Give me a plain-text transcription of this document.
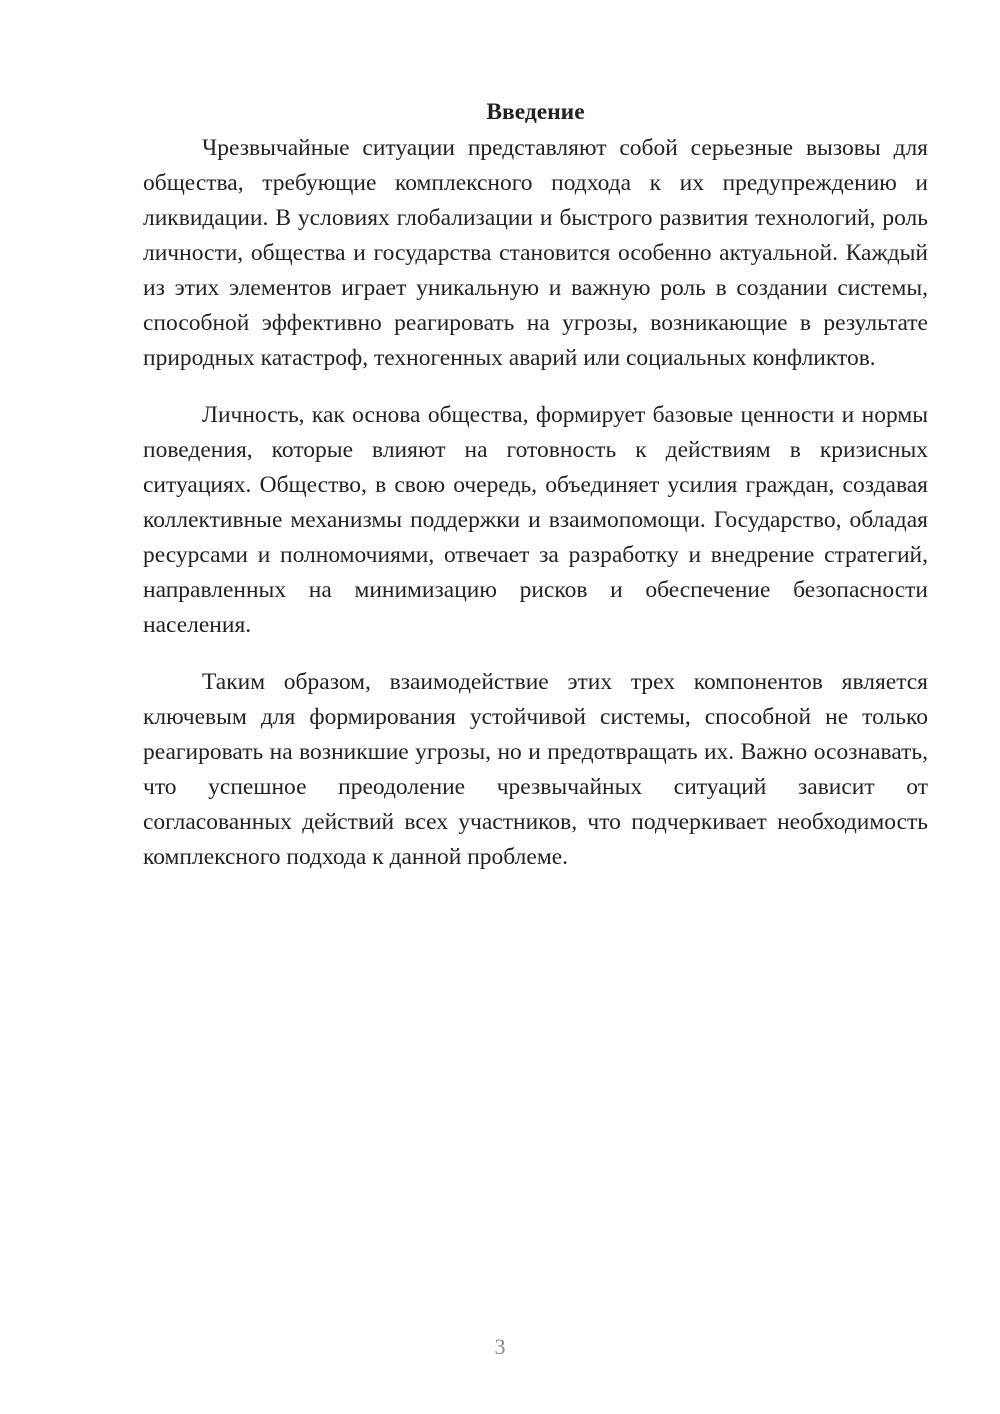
Введение

Чрезвычайные ситуации представляют собой серьезные вызовы для общества, требующие комплексного подхода к их предупреждению и ликвидации. В условиях глобализации и быстрого развития технологий, роль личности, общества и государства становится особенно актуальной. Каждый из этих элементов играет уникальную и важную роль в создании системы, способной эффективно реагировать на угрозы, возникающие в результате природных катастроф, техногенных аварий или социальных конфликтов.

Личность, как основа общества, формирует базовые ценности и нормы поведения, которые влияют на готовность к действиям в кризисных ситуациях. Общество, в свою очередь, объединяет усилия граждан, создавая коллективные механизмы поддержки и взаимопомощи. Государство, обладая ресурсами и полномочиями, отвечает за разработку и внедрение стратегий, направленных на минимизацию рисков и обеспечение безопасности населения.

Таким образом, взаимодействие этих трех компонентов является ключевым для формирования устойчивой системы, способной не только реагировать на возникшие угрозы, но и предотвращать их. Важно осознавать, что успешное преодоление чрезвычайных ситуаций зависит от согласованных действий всех участников, что подчеркивает необходимость комплексного подхода к данной проблеме.

3
